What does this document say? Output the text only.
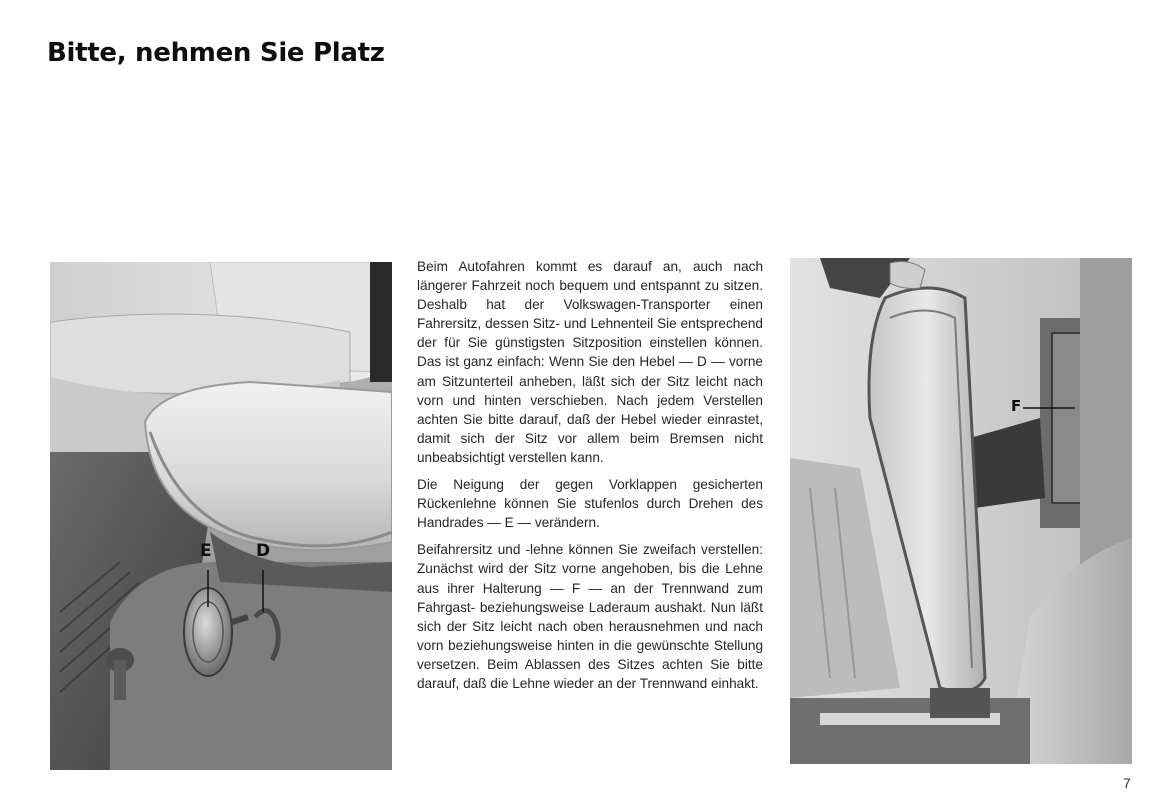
Bitte, nehmen Sie Platz
E	D

Beim Autofahren kommt es darauf an, auch nach längerer Fahrzeit noch bequem und entspannt zu sitzen. Deshalb hat der Volkswagen-Transporter einen Fahrersitz, dessen Sitz- und Lehnenteil Sie entsprechend der für Sie günstigsten Sitzposition einstellen können. Das ist ganz einfach: Wenn Sie den Hebel — D — vorne am Sitzunterteil anheben, läßt sich der Sitz leicht nach vorn und hinten verschieben. Nach jedem Verstellen achten Sie bitte darauf, daß der Hebel wieder einrastet, damit sich der Sitz vor allem beim Bremsen nicht unbeabsichtigt verstellen kann.

Die Neigung der gegen Vorklappen gesicherten Rückenlehne können Sie stufenlos durch Drehen des Handrades — E — verändern.

Beifahrersitz und -lehne können Sie zweifach verstellen: Zunächst wird der Sitz vorne angehoben, bis die Lehne aus ihrer Halterung — F — an der Trennwand zum Fahrgast- beziehungsweise Laderaum aushakt. Nun läßt sich der Sitz leicht nach oben herausnehmen und nach vorn beziehungsweise hinten in die gewünschte Stellung versetzen. Beim Ablassen des Sitzes achten Sie bitte darauf, daß die Lehne wieder an der Trennwand einhakt.

F
7
